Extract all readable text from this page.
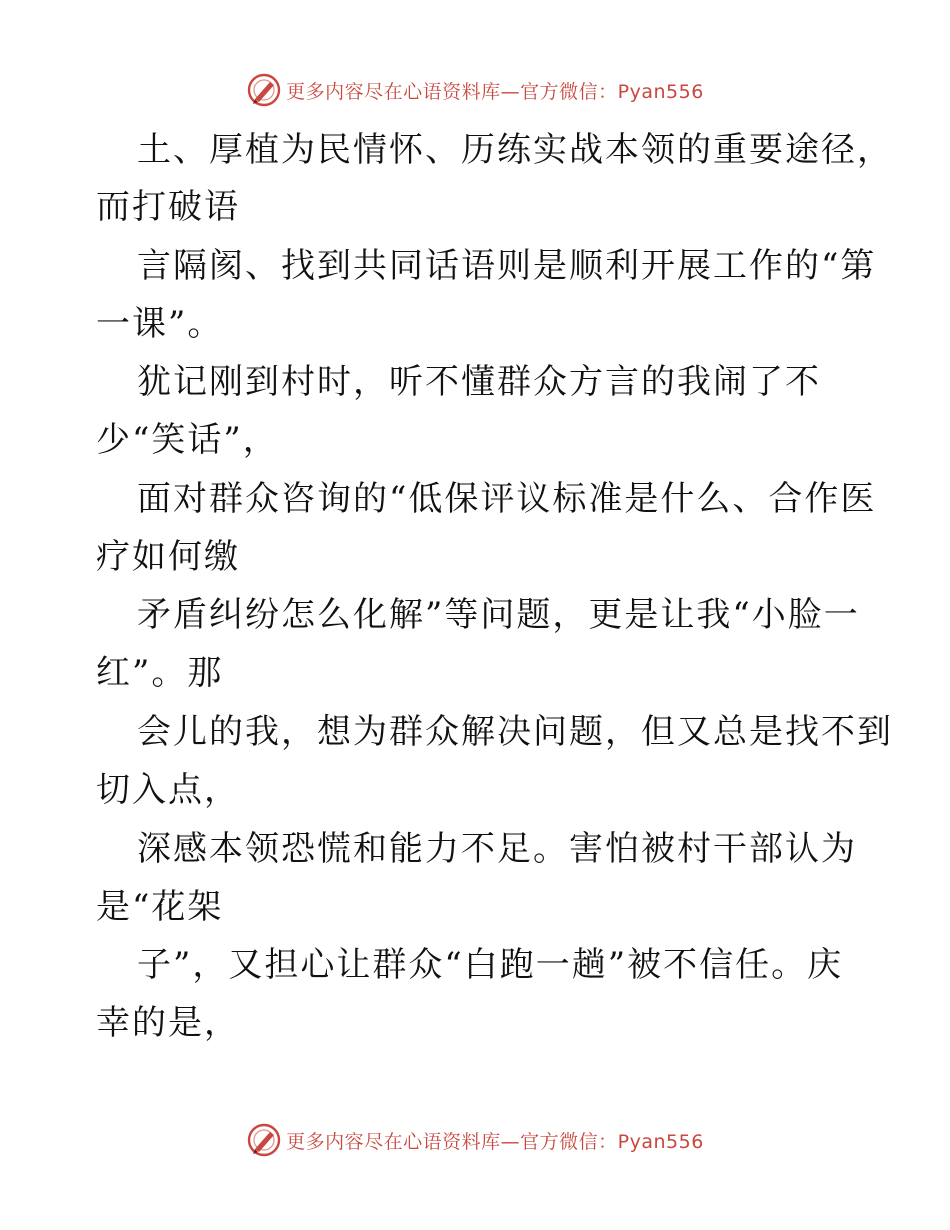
更多内容尽在心语资料库—官方微信：Pyan556
土、厚植为民情怀、历练实战本领的重要途径，
而打破语
言隔阂、找到共同话语则是顺利开展工作的“第
一课”。
犹记刚到村时，听不懂群众方言的我闹了不
少“笑话”，
面对群众咨询的“低保评议标准是什么、合作医
疗如何缴
矛盾纠纷怎么化解”等问题，更是让我“小脸一
红”。那
会儿的我，想为群众解决问题，但又总是找不到
切入点，
深感本领恐慌和能力不足。害怕被村干部认为
是“花架
子”，又担心让群众“白跑一趟”被不信任。庆
幸的是，
更多内容尽在心语资料库—官方微信：Pyan556
